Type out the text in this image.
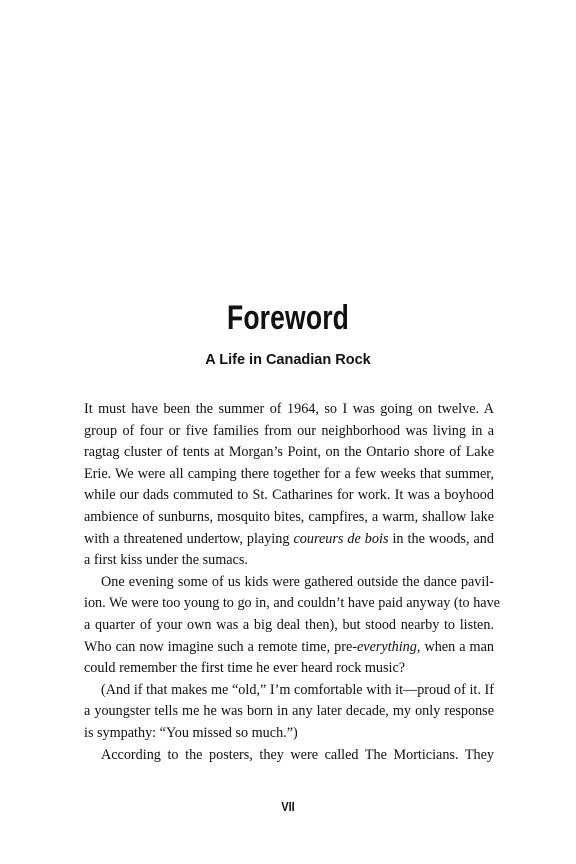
Foreword
A Life in Canadian Rock

It must have been the summer of 1964, so I was going on twelve. A
group of four or five families from our neighborhood was living in a
ragtag cluster of tents at Morgan’s Point, on the Ontario shore of Lake
Erie. We were all camping there together for a few weeks that summer,
while our dads commuted to St. Catharines for work. It was a boyhood
ambience of sunburns, mosquito bites, campfires, a warm, shallow lake
with a threatened undertow, playing coureurs de bois in the woods, and
a first kiss under the sumacs.

One evening some of us kids were gathered outside the dance pavil-
ion. We were too young to go in, and couldn’t have paid anyway (to have
a quarter of your own was a big deal then), but stood nearby to listen.
Who can now imagine such a remote time, pre-everything, when a man
could remember the first time he ever heard rock music?

(And if that makes me “old,” I’m comfortable with it—proud of it. If
a youngster tells me he was born in any later decade, my only response
is sympathy: “You missed so much.”)

According to the posters, they were called The Morticians. They

VII
